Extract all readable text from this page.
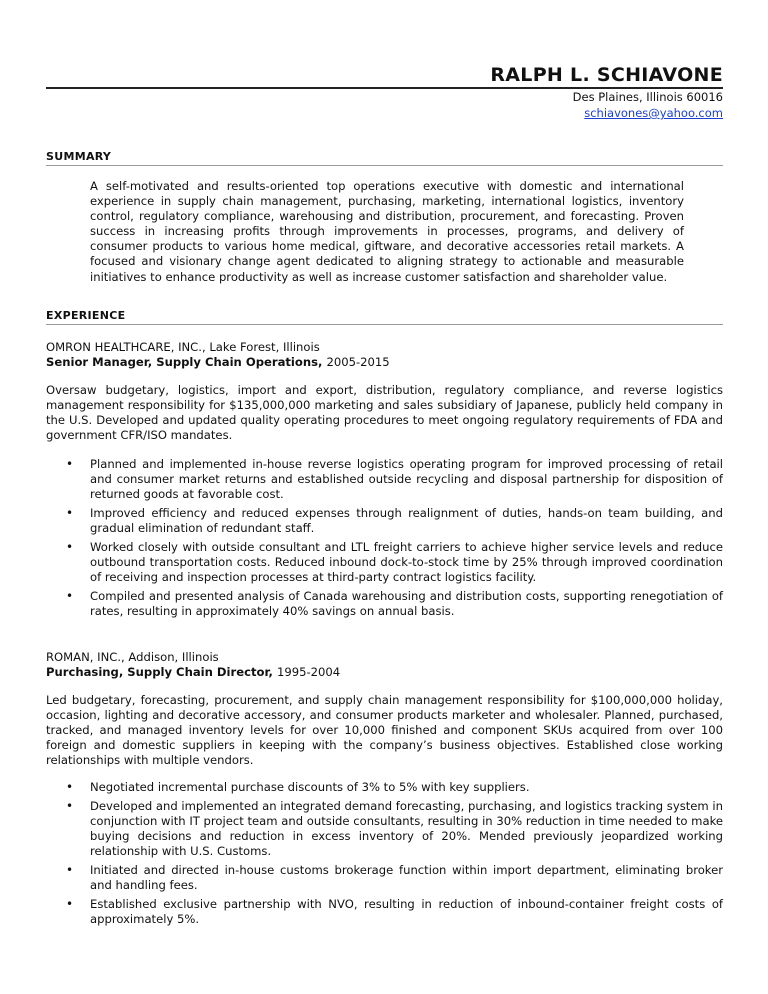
RALPH L. SCHIAVONE
Des Plaines, Illinois 60016
schiavones@yahoo.com
SUMMARY
A self-motivated and results-oriented top operations executive with domestic and international experience in supply chain management, purchasing, marketing, international logistics, inventory control, regulatory compliance, warehousing and distribution, procurement, and forecasting. Proven success in increasing profits through improvements in processes, programs, and delivery of consumer products to various home medical, giftware, and decorative accessories retail markets. A focused and visionary change agent dedicated to aligning strategy to actionable and measurable initiatives to enhance productivity as well as increase customer satisfaction and shareholder value.
EXPERIENCE
OMRON HEALTHCARE, INC., Lake Forest, Illinois
Senior Manager, Supply Chain Operations, 2005-2015
Oversaw budgetary, logistics, import and export, distribution, regulatory compliance, and reverse logistics management responsibility for $135,000,000 marketing and sales subsidiary of Japanese, publicly held company in the U.S. Developed and updated quality operating procedures to meet ongoing regulatory requirements of FDA and government CFR/ISO mandates.
• Planned and implemented in-house reverse logistics operating program for improved processing of retail and consumer market returns and established outside recycling and disposal partnership for disposition of returned goods at favorable cost.
• Improved efficiency and reduced expenses through realignment of duties, hands-on team building, and gradual elimination of redundant staff.
• Worked closely with outside consultant and LTL freight carriers to achieve higher service levels and reduce outbound transportation costs. Reduced inbound dock-to-stock time by 25% through improved coordination of receiving and inspection processes at third-party contract logistics facility.
• Compiled and presented analysis of Canada warehousing and distribution costs, supporting renegotiation of rates, resulting in approximately 40% savings on annual basis.
ROMAN, INC., Addison, Illinois
Purchasing, Supply Chain Director, 1995-2004
Led budgetary, forecasting, procurement, and supply chain management responsibility for $100,000,000 holiday, occasion, lighting and decorative accessory, and consumer products marketer and wholesaler. Planned, purchased, tracked, and managed inventory levels for over 10,000 finished and component SKUs acquired from over 100 foreign and domestic suppliers in keeping with the company’s business objectives. Established close working relationships with multiple vendors.
• Negotiated incremental purchase discounts of 3% to 5% with key suppliers.
• Developed and implemented an integrated demand forecasting, purchasing, and logistics tracking system in conjunction with IT project team and outside consultants, resulting in 30% reduction in time needed to make buying decisions and reduction in excess inventory of 20%. Mended previously jeopardized working relationship with U.S. Customs.
• Initiated and directed in-house customs brokerage function within import department, eliminating broker and handling fees.
• Established exclusive partnership with NVO, resulting in reduction of inbound-container freight costs of approximately 5%.
